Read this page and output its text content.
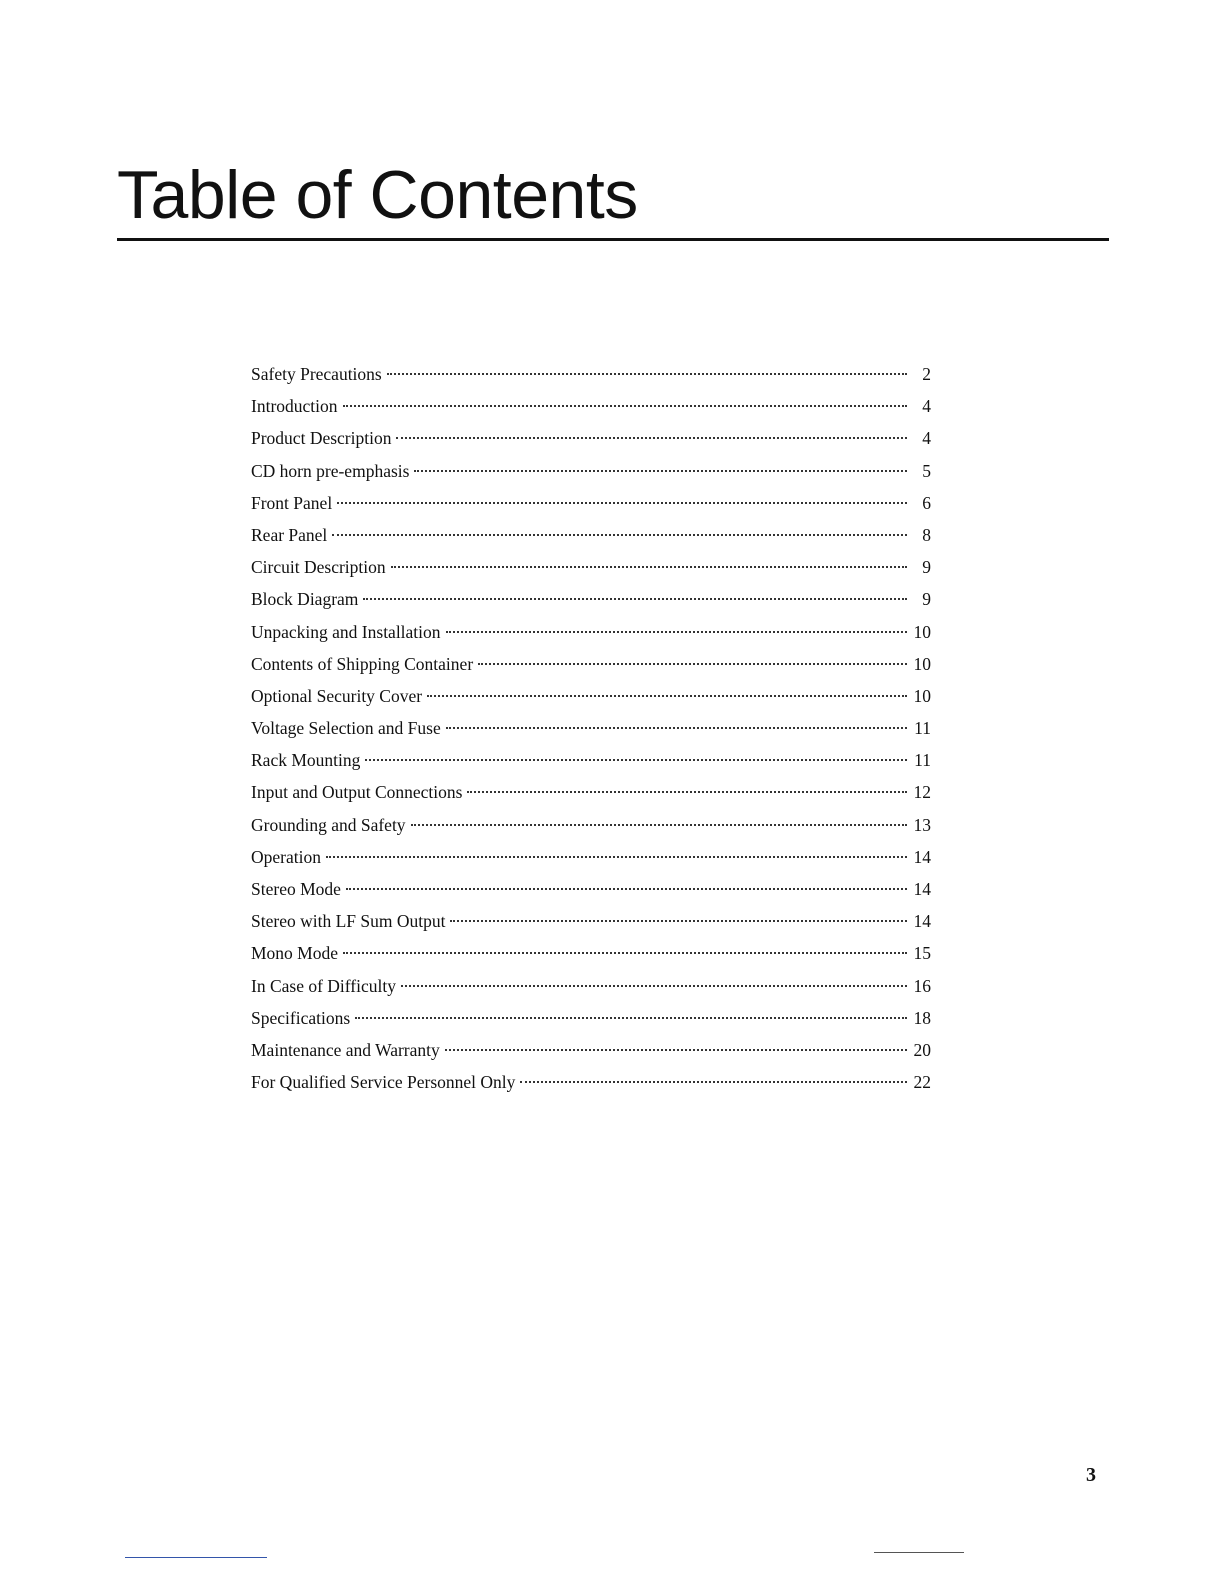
Table of Contents
Safety Precautions	2
Introduction	4
Product Description	4
CD horn pre-emphasis	5
Front Panel	6
Rear Panel	8
Circuit Description	9
Block Diagram	9
Unpacking and Installation	10
Contents of Shipping Container	10
Optional Security Cover	10
Voltage Selection and Fuse	11
Rack Mounting	11
Input and Output Connections	12
Grounding and Safety	13
Operation	14
Stereo Mode	14
Stereo with LF Sum Output	14
Mono Mode	15
In Case of Difficulty	16
Specifications	18
Maintenance and Warranty	20
For Qualified Service Personnel Only	22
3
